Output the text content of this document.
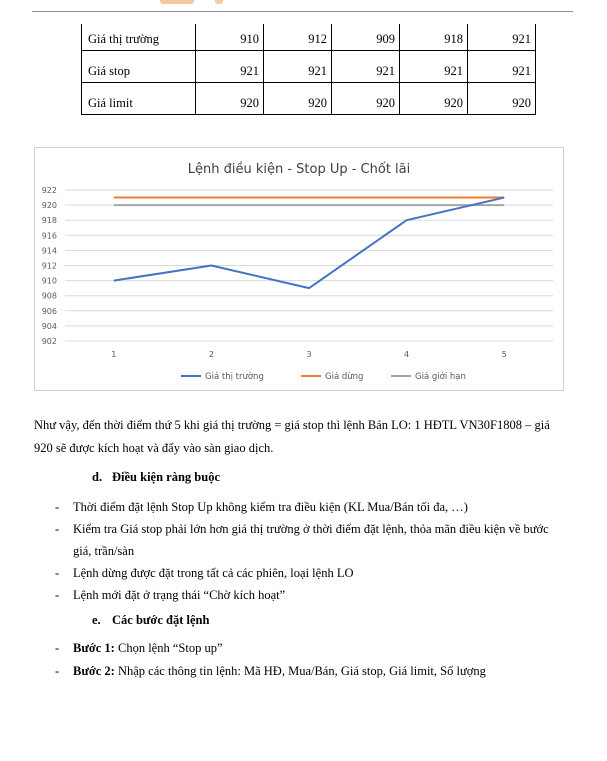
Giá thị trường	910	912	909	918	921
Giá stop	921	921	921	921	921
Giá limit	920	920	920	920	920
Lệnh điều kiện - Stop Up - Chốt lãi
922
920
918
916
914
912
910
908
906
904
902
1	2	3	4	5
Giá thị trường	Giá dừng	Giá giới hạn
Như vậy, đến thời điểm thứ 5 khi giá thị trường = giá stop thì lệnh Bán LO: 1 HĐTL VN30F1808 – giá
920 sẽ được kích hoạt và đẩy vào sàn giao dịch.
d. Điều kiện ràng buộc
- Thời điểm đặt lệnh Stop Up không kiểm tra điều kiện (KL Mua/Bán tối đa, …)
- Kiểm tra Giá stop phải lớn hơn giá thị trường ở thời điểm đặt lệnh, thỏa mãn điều kiện về bước
giá, trần/sàn
- Lệnh dừng được đặt trong tất cả các phiên, loại lệnh LO
- Lệnh mới đặt ở trạng thái “Chờ kích hoạt”
e. Các bước đặt lệnh
- Bước 1: Chọn lệnh “Stop up”
- Bước 2: Nhập các thông tin lệnh: Mã HĐ, Mua/Bán, Giá stop, Giá limit, Số lượng
